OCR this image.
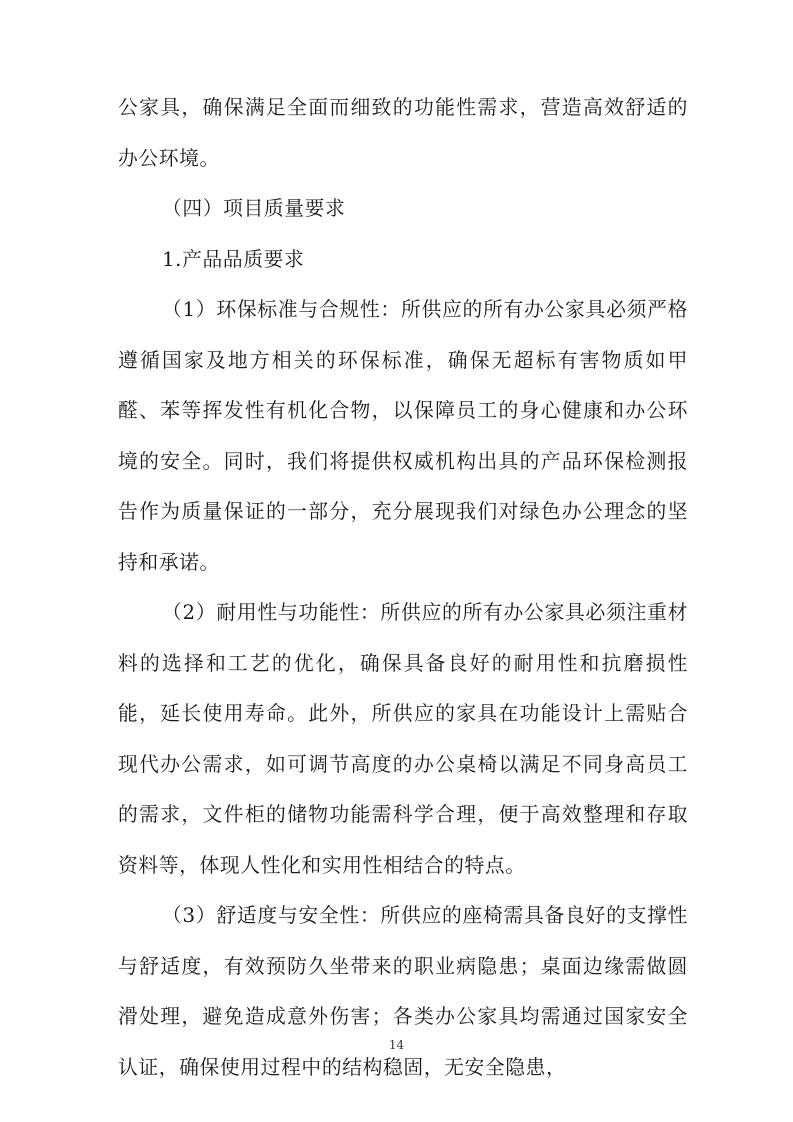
公家具，确保满足全面而细致的功能性需求，营造高效舒适的办公环境。

（四）项目质量要求

1.产品品质要求

（1）环保标准与合规性：所供应的所有办公家具必须严格遵循国家及地方相关的环保标准，确保无超标有害物质如甲醛、苯等挥发性有机化合物，以保障员工的身心健康和办公环境的安全。同时，我们将提供权威机构出具的产品环保检测报告作为质量保证的一部分，充分展现我们对绿色办公理念的坚持和承诺。

（2）耐用性与功能性：所供应的所有办公家具必须注重材料的选择和工艺的优化，确保具备良好的耐用性和抗磨损性能，延长使用寿命。此外，所供应的家具在功能设计上需贴合现代办公需求，如可调节高度的办公桌椅以满足不同身高员工的需求，文件柜的储物功能需科学合理，便于高效整理和存取资料等，体现人性化和实用性相结合的特点。

（3）舒适度与安全性：所供应的座椅需具备良好的支撑性与舒适度，有效预防久坐带来的职业病隐患；桌面边缘需做圆滑处理，避免造成意外伤害；各类办公家具均需通过国家安全认证，确保使用过程中的结构稳固，无安全隐患，

14
